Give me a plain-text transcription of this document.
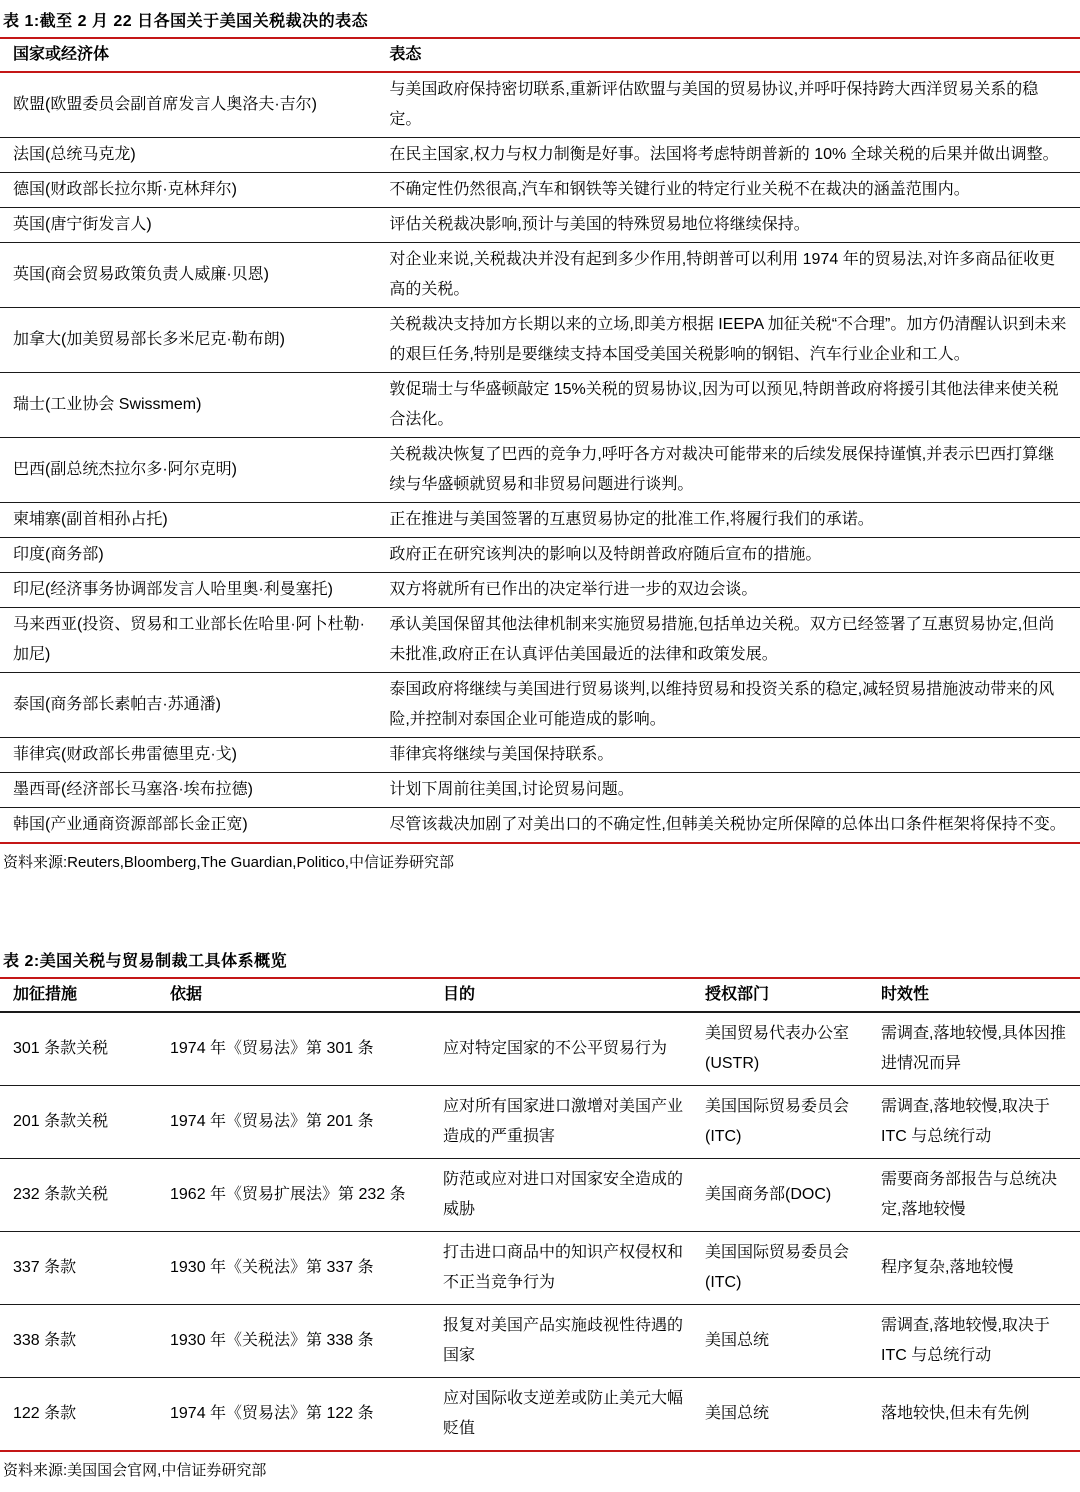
表 1:截至 2 月 22 日各国关于美国关税裁决的表态
国家或经济体	表态
欧盟(欧盟委员会副首席发言人奥洛夫·吉尔)	与美国政府保持密切联系,重新评估欧盟与美国的贸易协议,并呼吁保持跨大西洋贸易关系的稳定。
法国(总统马克龙)	在民主国家,权力与权力制衡是好事。法国将考虑特朗普新的 10% 全球关税的后果并做出调整。
德国(财政部长拉尔斯·克林拜尔)	不确定性仍然很高,汽车和钢铁等关键行业的特定行业关税不在裁决的涵盖范围内。
英国(唐宁街发言人)	评估关税裁决影响,预计与美国的特殊贸易地位将继续保持。
英国(商会贸易政策负责人威廉·贝恩)	对企业来说,关税裁决并没有起到多少作用,特朗普可以利用 1974 年的贸易法,对许多商品征收更高的关税。
加拿大(加美贸易部长多米尼克·勒布朗)	关税裁决支持加方长期以来的立场,即美方根据 IEEPA 加征关税“不合理”。加方仍清醒认识到未来的艰巨任务,特别是要继续支持本国受美国关税影响的钢铝、汽车行业企业和工人。
瑞士(工业协会 Swissmem)	敦促瑞士与华盛顿敲定 15%关税的贸易协议,因为可以预见,特朗普政府将援引其他法律来使关税合法化。
巴西(副总统杰拉尔多·阿尔克明)	关税裁决恢复了巴西的竞争力,呼吁各方对裁决可能带来的后续发展保持谨慎,并表示巴西打算继续与华盛顿就贸易和非贸易问题进行谈判。
柬埔寨(副首相孙占托)	正在推进与美国签署的互惠贸易协定的批准工作,将履行我们的承诺。
印度(商务部)	政府正在研究该判决的影响以及特朗普政府随后宣布的措施。
印尼(经济事务协调部发言人哈里奥·利曼塞托)	双方将就所有已作出的决定举行进一步的双边会谈。
马来西亚(投资、贸易和工业部长佐哈里·阿卜杜勒·加尼)	承认美国保留其他法律机制来实施贸易措施,包括单边关税。双方已经签署了互惠贸易协定,但尚未批准,政府正在认真评估美国最近的法律和政策发展。
泰国(商务部长素帕吉·苏通潘)	泰国政府将继续与美国进行贸易谈判,以维持贸易和投资关系的稳定,减轻贸易措施波动带来的风险,并控制对泰国企业可能造成的影响。
菲律宾(财政部长弗雷德里克·戈)	菲律宾将继续与美国保持联系。
墨西哥(经济部长马塞洛·埃布拉德)	计划下周前往美国,讨论贸易问题。
韩国(产业通商资源部部长金正宽)	尽管该裁决加剧了对美出口的不确定性,但韩美关税协定所保障的总体出口条件框架将保持不变。
资料来源:Reuters,Bloomberg,The Guardian,Politico,中信证券研究部
表 2:美国关税与贸易制裁工具体系概览
加征措施	依据	目的	授权部门	时效性
301 条款关税	1974 年《贸易法》第 301 条	应对特定国家的不公平贸易行为	美国贸易代表办公室(USTR)	需调查,落地较慢,具体因推进情况而异
201 条款关税	1974 年《贸易法》第 201 条	应对所有国家进口激增对美国产业造成的严重损害	美国国际贸易委员会(ITC)	需调查,落地较慢,取决于 ITC 与总统行动
232 条款关税	1962 年《贸易扩展法》第 232 条	防范或应对进口对国家安全造成的威胁	美国商务部(DOC)	需要商务部报告与总统决定,落地较慢
337 条款	1930 年《关税法》第 337 条	打击进口商品中的知识产权侵权和不正当竞争行为	美国国际贸易委员会(ITC)	程序复杂,落地较慢
338 条款	1930 年《关税法》第 338 条	报复对美国产品实施歧视性待遇的国家	美国总统	需调查,落地较慢,取决于 ITC 与总统行动
122 条款	1974 年《贸易法》第 122 条	应对国际收支逆差或防止美元大幅贬值	美国总统	落地较快,但未有先例
资料来源:美国国会官网,中信证券研究部
